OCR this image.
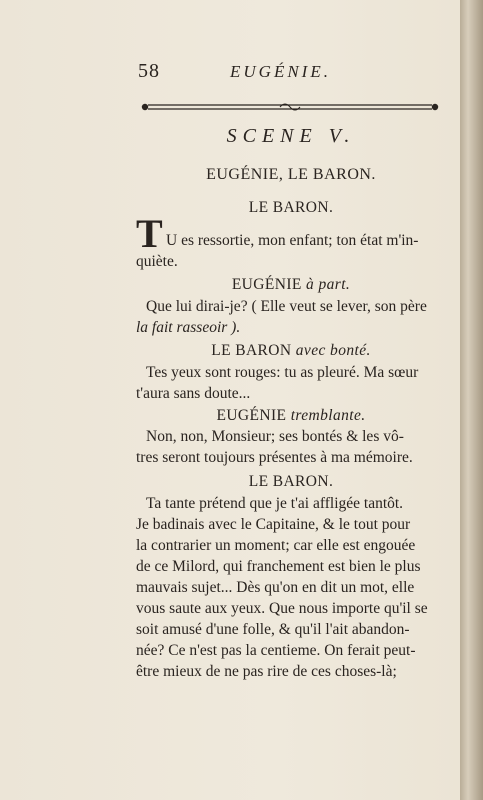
58	EUGÉNIE.
SCENE V.
EUGÉNIE, LE BARON.
LE BARON.
T U es ressortie, mon enfant; ton état m'in-
quiète.
EUGÉNIE à part.
Que lui dirai-je? ( Elle veut se lever, son père
la fait rasseoir ).
LE BARON avec bonté.
Tes yeux sont rouges: tu as pleuré. Ma sœur
t'aura sans doute...
EUGÉNIE tremblante.
Non, non, Monsieur; ses bontés & les vô-
tres seront toujours présentes à ma mémoire.
LE BARON.
Ta tante prétend que je t'ai affligée tantôt.
Je badinais avec le Capitaine, & le tout pour
la contrarier un moment; car elle est engouée
de ce Milord, qui franchement est bien le plus
mauvais sujet... Dès qu'on en dit un mot, elle
vous saute aux yeux. Que nous importe qu'il se
soit amusé d'une folle, & qu'il l'ait abandon-
née? Ce n'est pas la centieme. On ferait peut-
être mieux de ne pas rire de ces choses-là;
